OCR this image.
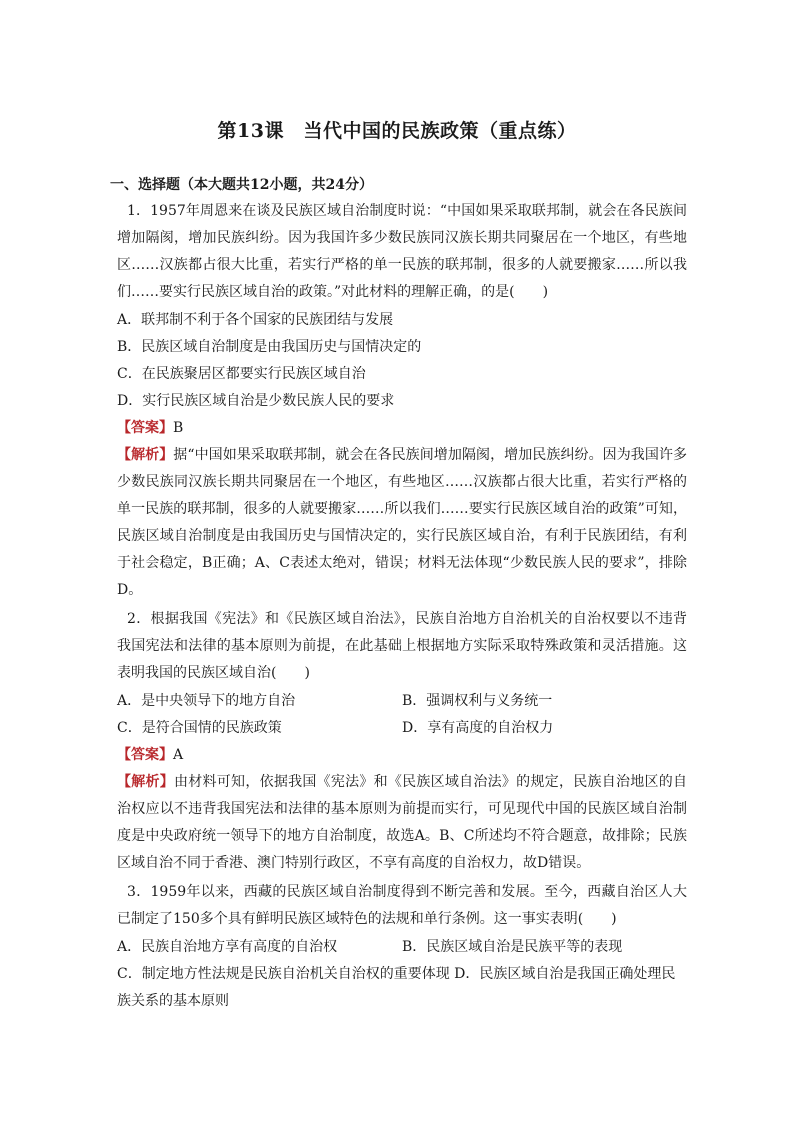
第13课　当代中国的民族政策（重点练）
一、选择题（本大题共12小题，共24分）

1．1957年周恩来在谈及民族区域自治制度时说：“中国如果采取联邦制，就会在各民族间增加隔阂，增加民族纠纷。因为我国许多少数民族同汉族长期共同聚居在一个地区，有些地区……汉族都占很大比重，若实行严格的单一民族的联邦制，很多的人就要搬家……所以我们……要实行民族区域自治的政策。”对此材料的理解正确，的是(　　)

A．联邦制不利于各个国家的民族团结与发展

B．民族区域自治制度是由我国历史与国情决定的

C．在民族聚居区都要实行民族区域自治

D．实行民族区域自治是少数民族人民的要求

【答案】B

【解析】据“中国如果采取联邦制，就会在各民族间增加隔阂，增加民族纠纷。因为我国许多少数民族同汉族长期共同聚居在一个地区，有些地区……汉族都占很大比重，若实行严格的单一民族的联邦制，很多的人就要搬家……所以我们……要实行民族区域自治的政策”可知，民族区域自治制度是由我国历史与国情决定的，实行民族区域自治，有利于民族团结，有利于社会稳定，B正确；A、C表述太绝对，错误；材料无法体现“少数民族人民的要求”，排除D。

2．根据我国《宪法》和《民族区域自治法》，民族自治地方自治机关的自治权要以不违背我国宪法和法律的基本原则为前提，在此基础上根据地方实际采取特殊政策和灵活措施。这表明我国的民族区域自治(　　)

A．是中央领导下的地方自治	B．强调权利与义务统一
C．是符合国情的民族政策	D．享有高度的自治权力

【答案】A

【解析】由材料可知，依据我国《宪法》和《民族区域自治法》的规定，民族自治地区的自治权应以不违背我国宪法和法律的基本原则为前提而实行，可见现代中国的民族区域自治制度是中央政府统一领导下的地方自治制度，故选A。B、C所述均不符合题意，故排除；民族区域自治不同于香港、澳门特别行政区，不享有高度的自治权力，故D错误。

3．1959年以来，西藏的民族区域自治制度得到不断完善和发展。至今，西藏自治区人大已制定了150多个具有鲜明民族区域特色的法规和单行条例。这一事实表明(　　)

A．民族自治地方享有高度的自治权	B．民族区域自治是民族平等的表现

C．制定地方性法规是民族自治机关自治权的重要体现 D．民族区域自治是我国正确处理民族关系的基本原则
